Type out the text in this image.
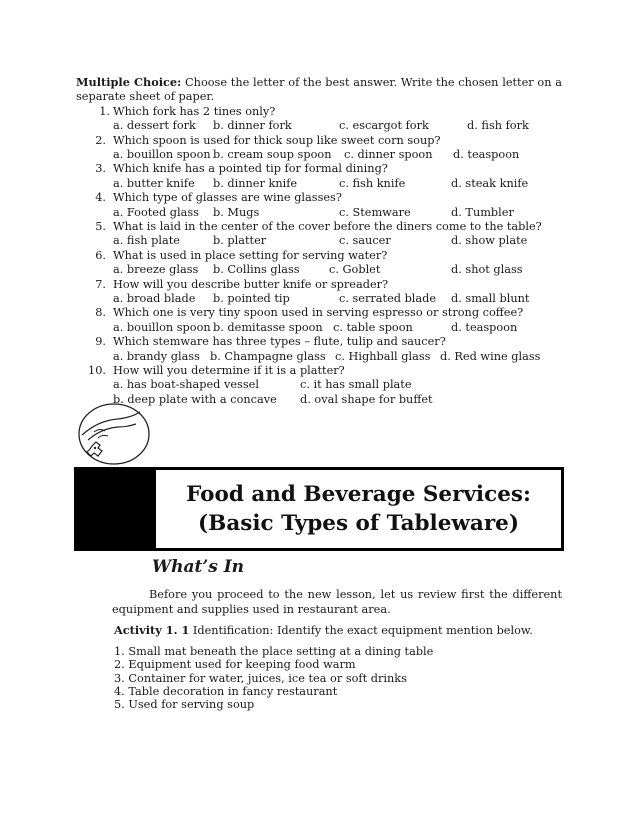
Multiple Choice: Choose the letter of the best answer. Write the chosen letter on a separate sheet of paper.
1. Which fork has 2 tines only?
a. dessert fork b. dinner fork	c. escargot fork	d. fish fork
2. Which spoon is used for thick soup like sweet corn soup?
a. bouillon spoon b. cream soup spoon c. dinner spoon d. teaspoon
3. Which knife has a pointed tip for formal dining?
a. butter knife b. dinner knife	c. fish knife	d. steak knife
4. Which type of glasses are wine glasses?
a. Footed glass b. Mugs	c. Stemware	d. Tumbler
5. What is laid in the center of the cover before the diners come to the table?
a. fish plate	b. platter	c. saucer	d. show plate
6. What is used in place setting for serving water?
a. breeze glass b. Collins glass	c. Goblet	d. shot glass
7. How will you describe butter knife or spreader?
a. broad blade b. pointed tip	c. serrated blade d. small blunt
8. Which one is very tiny spoon used in serving espresso or strong coffee?
a. bouillon spoon b. demitasse spoon c. table spoon	d. teaspoon
9. Which stemware has three types – flute, tulip and saucer?
a. brandy glass b. Champagne glass c. Highball glass d. Red wine glass
10. How will you determine if it is a platter?
a. has boat-shaped vessel	c. it has small plate
b. deep plate with a concave d. oval shape for buffet
Food and Beverage Services:
(Basic Types of Tableware)
What’s In
Before you proceed to the new lesson, let us review first the different equipment and supplies used in restaurant area.
Activity 1. 1 Identification: Identify the exact equipment mention below.
1. Small mat beneath the place setting at a dining table
2. Equipment used for keeping food warm
3. Container for water, juices, ice tea or soft drinks
4. Table decoration in fancy restaurant
5. Used for serving soup
